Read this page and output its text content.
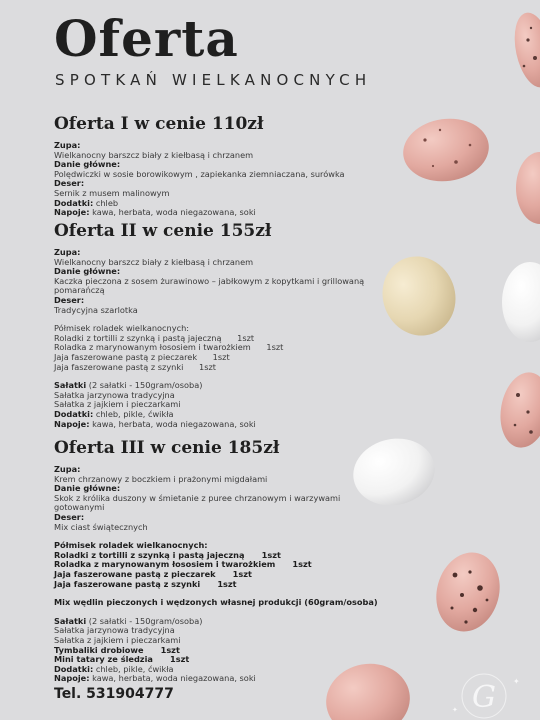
G ✦
✦
Oferta
SPOTKAŃ WIELKANOCNYCH
Oferta I w cenie 110zł
Zupa:
Wielkanocny barszcz biały z kiełbasą i chrzanem
Danie główne:
Polędwiczki w sosie borowikowym , zapiekanka ziemniaczana, surówka
Deser:
Sernik z musem malinowym
Dodatki: chleb
Napoje: kawa, herbata, woda niegazowana, soki
Oferta II w cenie 155zł
Zupa:
Wielkanocny barszcz biały z kiełbasą i chrzanem
Danie główne:
Kaczka pieczona z sosem żurawinowo – jabłkowym z kopytkami i grillowaną pomarańczą
Deser:
Tradycyjna szarlotka
Półmisek roladek wielkanocnych:
Roladki z tortilli z szynką i pastą jajeczną      1szt
Roladka z marynowanym łososiem i twarożkiem      1szt
Jaja faszerowane pastą z pieczarek      1szt
Jaja faszerowane pastą z szynki      1szt
Sałatki (2 sałatki - 150gram/osoba)
Sałatka jarzynowa tradycyjna
Sałatka z jajkiem i pieczarkami
Dodatki: chleb, pikle, ćwikła
Napoje: kawa, herbata, woda niegazowana, soki
Oferta III w cenie 185zł
Zupa:
Krem chrzanowy z boczkiem i prażonymi migdałami
Danie główne:
Skok z królika duszony w śmietanie z puree chrzanowym i warzywami gotowanymi
Deser:
Mix ciast świątecznych
Półmisek roladek wielkanocnych:
Roladki z tortilli z szynką i pastą jajeczną      1szt
Roladka z marynowanym łososiem i twarożkiem      1szt
Jaja faszerowane pastą z pieczarek      1szt
Jaja faszerowane pastą z szynki      1szt
Mix wędlin pieczonych i wędzonych własnej produkcji (60gram/osoba)
Sałatki (2 sałatki - 150gram/osoba)
Sałatka jarzynowa tradycyjna
Sałatka z jajkiem i pieczarkami
Tymbaliki drobiowe      1szt
Mini tatary ze śledzia      1szt
Dodatki: chleb, pikle, ćwikła
Napoje: kawa, herbata, woda niegazowana, soki
Tel. 531904777
